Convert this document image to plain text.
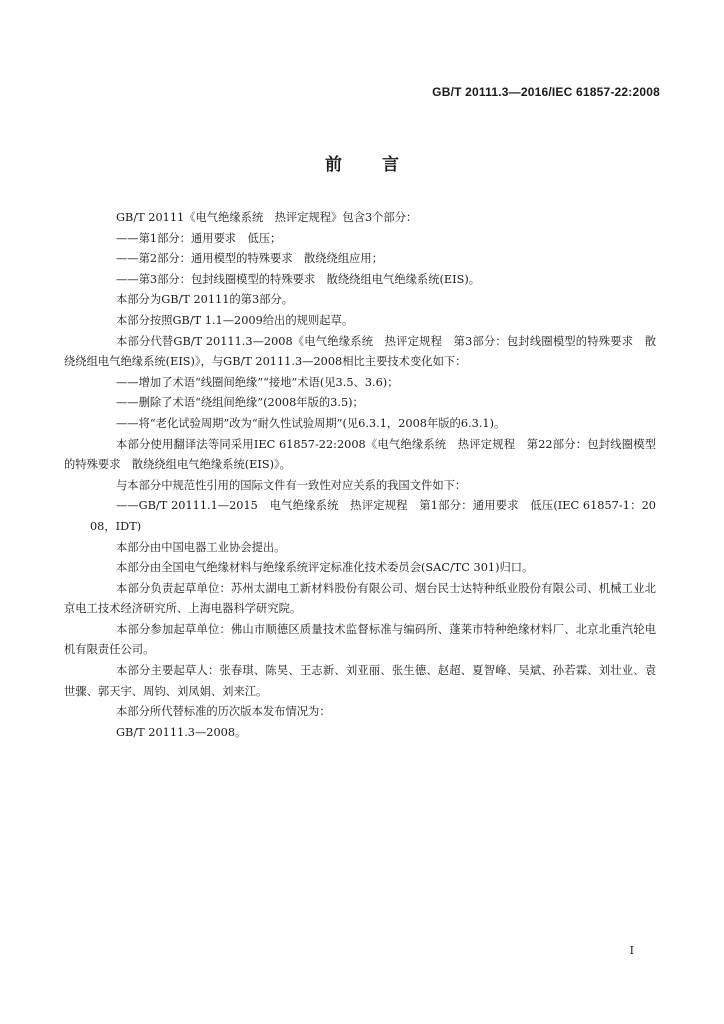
GB/T 20111.3—2016/IEC 61857-22:2008
前 言

GB/T 20111《电气绝缘系统　热评定规程》包含3个部分：

——第1部分：通用要求　低压；

——第2部分：通用模型的特殊要求　散绕绕组应用；

——第3部分：包封线圈模型的特殊要求　散绕绕组电气绝缘系统(EIS)。

本部分为GB/T 20111的第3部分。

本部分按照GB/T 1.1—2009给出的规则起草。

本部分代替GB/T 20111.3—2008《电气绝缘系统　热评定规程　第3部分：包封线圈模型的特殊要求　散绕绕组电气绝缘系统(EIS)》，与GB/T 20111.3—2008相比主要技术变化如下：

——增加了术语“线圈间绝缘”“接地”术语(见3.5、3.6)；

——删除了术语“绕组间绝缘”(2008年版的3.5)；

——将“老化试验周期”改为“耐久性试验周期”(见6.3.1，2008年版的6.3.1)。

本部分使用翻译法等同采用IEC 61857-22:2008《电气绝缘系统　热评定规程　第22部分：包封线圈模型的特殊要求　散绕绕组电气绝缘系统(EIS)》。

与本部分中规范性引用的国际文件有一致性对应关系的我国文件如下：

——GB/T 20111.1—2015　电气绝缘系统　热评定规程　第1部分：通用要求　低压(IEC 61857-1：2008，IDT)

本部分由中国电器工业协会提出。

本部分由全国电气绝缘材料与绝缘系统评定标准化技术委员会(SAC/TC 301)归口。

本部分负责起草单位：苏州太湖电工新材料股份有限公司、烟台民士达特种纸业股份有限公司、机械工业北京电工技术经济研究所、上海电器科学研究院。

本部分参加起草单位：佛山市顺德区质量技术监督标准与编码所、蓬莱市特种绝缘材料厂、北京北重汽轮电机有限责任公司。

本部分主要起草人：张春琪、陈昊、王志新、刘亚丽、张生德、赵超、夏智峰、吴斌、孙若霖、刘壮业、袁世骤、郭天宇、周钧、刘凤娟、刘来江。

本部分所代替标准的历次版本发布情况为：

GB/T 20111.3—2008。

I
